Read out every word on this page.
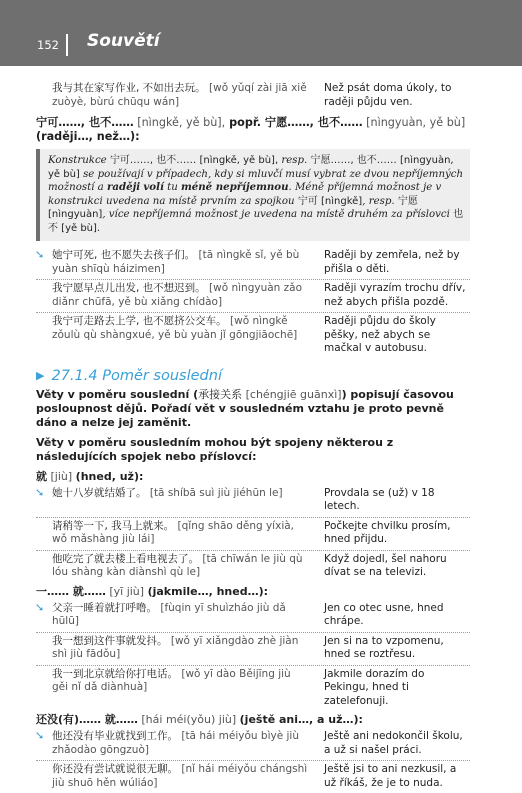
152 Souvětí
我与其在家写作业, 不如出去玩。 [wǒ yǔqí zài jiā xiě zuòyè, bùrú chūqu wán]
Než psát doma úkoly, to raději půjdu ven.
宁可……, 也不…… [nìngkě, yě bù], popř. 宁愿……, 也不…… [nìngyuàn, yě bù] (raději…, než…):
Konstrukce 宁可……, 也不…… [nìngkě, yě bù], resp. 宁愿……, 也不…… [nìngyuàn, yě bù] se používají v případech, kdy si mluvčí musí vybrat ze dvou nepříjemných možností a raději volí tu méně nepříjemnou. Méně příjemná možnost je v konstrukci uvedena na místě prvním za spojkou 宁可 [nìngkě], resp. 宁愿 [nìngyuàn], více nepříjemná možnost je uvedena na místě druhém za příslovci 也不 [yě bù].
➘ 她宁可死, 也不愿失去孩子们。 [tā nìngkě sǐ, yě bù yuàn shīqù háizimen]
Raději by zemřela, než by přišla o děti.
我宁愿早点儿出发, 也不想迟到。 [wǒ nìngyuàn zǎo diǎnr chūfā, yě bù xiǎng chídào]
Raději vyrazím trochu dřív, než abych přišla pozdě.
我宁可走路去上学, 也不愿挤公交车。 [wǒ nìngkě zǒulù qù shàngxué, yě bù yuàn jǐ gōngjiāochē]
Raději půjdu do školy pěšky, než abych se mačkal v autobusu.
▶ 27.1.4
Poměr souslední
Věty v poměru souslední (承接关系 [chéngjiē guānxì]) popisují časovou posloupnost dějů. Pořadí vět v sousledném vztahu je proto pevně dáno a nelze jej zaměnit.
Věty v poměru sousledním mohou být spojeny některou z následujících spojek nebo příslovcí:
就 [jiù] (hned, už):
➘ 她十八岁就结婚了。 [tā shíbā suì jiù jiéhūn le]	Provdala se (už) v 18 letech.
请稍等一下, 我马上就来。 [qǐng shāo děng yíxià, wǒ mǎshàng jiù lái]
Počkejte chvilku prosím, hned přijdu.
他吃完了就去楼上看电视去了。 [tā chīwán le jiù qù lóu shàng kàn diànshì qù le]
Když dojedl, šel nahoru dívat se na televizi.
一…… 就…… [yī jiù] (jakmile…, hned…):
➘ 父亲一睡着就打呼噜。 [fùqin yī shuìzháo jiù dǎ hūlū]
Jen co otec usne, hned chrápe.
我一想到这件事就发抖。 [wǒ yī xiǎngdào zhè jiàn shì jiù fādǒu]
Jen si na to vzpomenu, hned se roztřesu.
我一到北京就给你打电话。 [wǒ yī dào Běijīng jiù gěi nǐ dǎ diànhuà]
Jakmile dorazím do Pekingu, hned ti zatelefonuji.
还没(有)…… 就…… [hái méi(yǒu) jiù] (ještě ani…, a už…):
➘ 他还没有毕业就找到工作。 [tā hái méiyǒu bìyè jiù zhǎodào gōngzuò]
Ještě ani nedokončil školu, a už si našel práci.
你还没有尝试就说很无聊。 [nǐ hái méiyǒu chángshì jiù shuō hěn wúliáo]
Ještě jsi to ani nezkusil, a už říkáš, že je to nuda.
